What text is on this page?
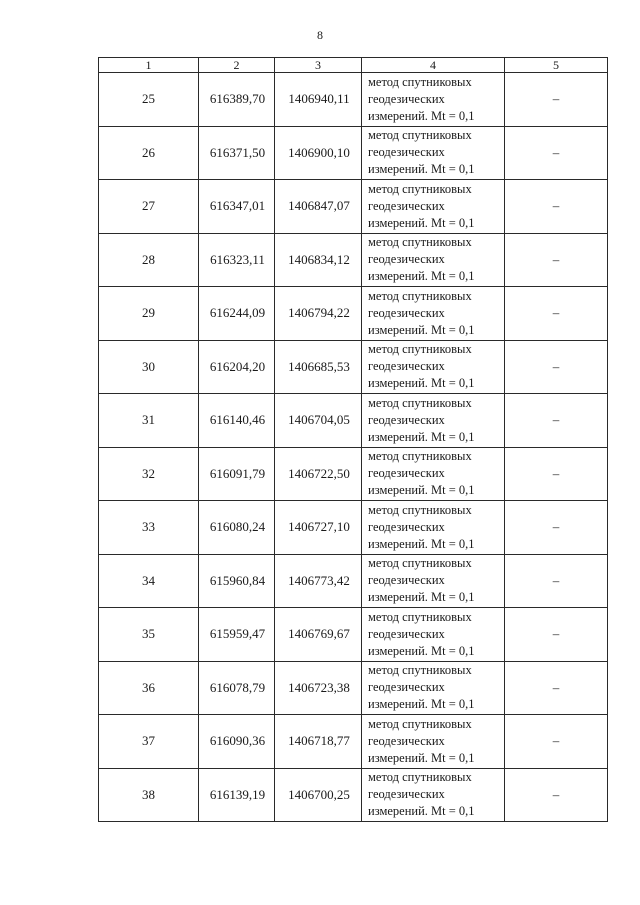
8
1	2	3	4	5
25	616389,70	1406940,11	метод спутниковых
геодезических
измерений. Mt = 0,1	–
26	616371,50	1406900,10	метод спутниковых
геодезических
измерений. Mt = 0,1	–
27	616347,01	1406847,07	метод спутниковых
геодезических
измерений. Mt = 0,1	–
28	616323,11	1406834,12	метод спутниковых
геодезических
измерений. Mt = 0,1	–
29	616244,09	1406794,22	метод спутниковых
геодезических
измерений. Mt = 0,1	–
30	616204,20	1406685,53	метод спутниковых
геодезических
измерений. Mt = 0,1	–
31	616140,46	1406704,05	метод спутниковых
геодезических
измерений. Mt = 0,1	–
32	616091,79	1406722,50	метод спутниковых
геодезических
измерений. Mt = 0,1	–
33	616080,24	1406727,10	метод спутниковых
геодезических
измерений. Mt = 0,1	–
34	615960,84	1406773,42	метод спутниковых
геодезических
измерений. Mt = 0,1	–
35	615959,47	1406769,67	метод спутниковых
геодезических
измерений. Mt = 0,1	–
36	616078,79	1406723,38	метод спутниковых
геодезических
измерений. Mt = 0,1	–
37	616090,36	1406718,77	метод спутниковых
геодезических
измерений. Mt = 0,1	–
38	616139,19	1406700,25	метод спутниковых
геодезических
измерений. Mt = 0,1	–
